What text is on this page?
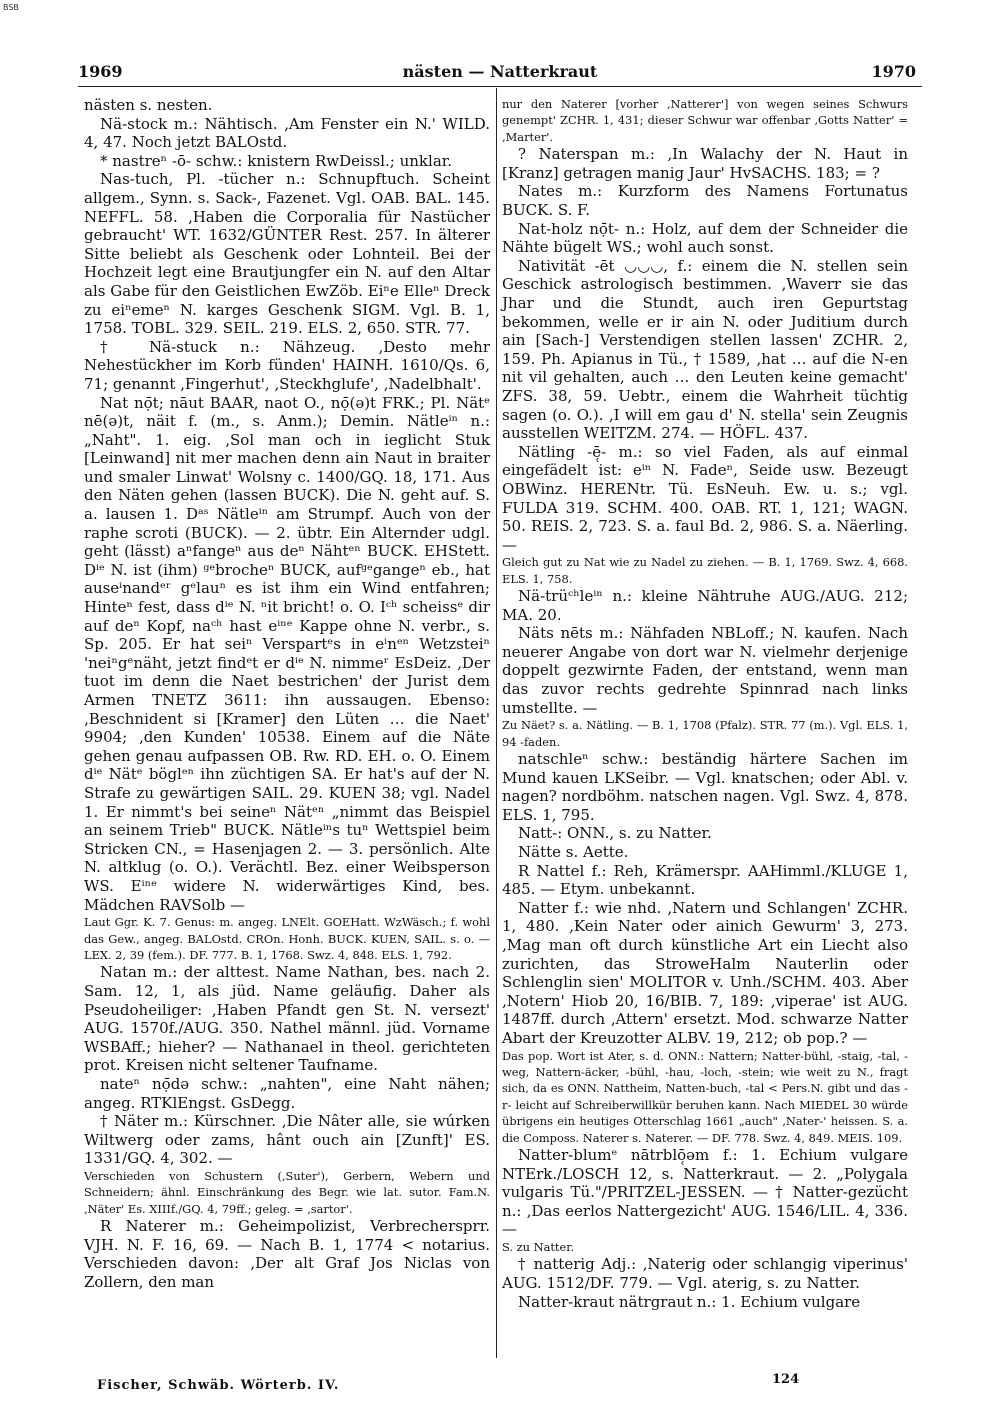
BSB
1969	nästen — Natterkraut	1970

nästen s. nesten.

Nä-stock m.: Nähtisch. ‚Am Fenster ein N.' WILD. 4, 47. Noch jetzt BALOstd.

* nastreⁿ -ō- schw.: knistern RwDeissl.; unklar.

Nas-tuch, Pl. -tücher n.: Schnupftuch. Scheint allgem., Synn. s. Sack-, Fazenet. Vgl. OAB. BAL. 145. NEFFL. 58. ‚Haben die Corporalia für Nastücher gebraucht' WT. 1632/GÜNTER Rest. 257. In älterer Sitte beliebt als Geschenk oder Lohnteil. Bei der Hochzeit legt eine Brautjungfer ein N. auf den Altar als Gabe für den Geistlichen EwZöb. Eiⁿe Elleⁿ Dreck zu eiⁿemeⁿ N. karges Geschenk SIGM. Vgl. B. 1, 1758. TOBL. 329. SEIL. 219. ELS. 2, 650. STR. 77.

† Nä-stuck n.: Nähzeug. ‚Desto mehr Nehestückher im Korb fünden' HAINH. 1610/Qs. 6, 71; genannt ‚Fingerhut', ‚Steckhglufe', ‚Nadelbhalt'.

Nat nọ̄t; nāut BAAR, naot O., nọ̄(ə)t FRK.; Pl. Nätᵉ nē(ə)t, näit f. (m., s. Anm.); Demin. Nätleⁱⁿ n.: „Naht". 1. eig. ‚Sol man och in ieglicht Stuk [Leinwand] nit mer machen denn ain Naut in braiter und smaler Linwat' Wolsny c. 1400/GQ. 18, 171. Aus den Näten gehen (lassen BUCK). Die N. geht auf. S. a. lausen 1. Dᵃˢ Nätleⁱⁿ am Strumpf. Auch von der raphe scroti (BUCK). — 2. übtr. Ein Alternder udgl. geht (lässt) aⁿfangeⁿ aus deⁿ Nähtᵉⁿ BUCK. EHStett. Dⁱᵉ N. ist (ihm) ᵍᵉbrocheⁿ BUCK, aufᵍᵉgangeⁿ eb., hat auseⁱnandᵉʳ gᵉlauⁿ es ist ihm ein Wind entfahren; Hinteⁿ fest, dass dⁱᵉ N. ⁿit bricht! o. O. Iᶜʰ scheissᵉ dir auf deⁿ Kopf, naᶜʰ hast eⁱⁿᵉ Kappe ohne N. verbr., s. Sp. 205. Er hat seiⁿ Verspartᵉs in eⁱnᵉⁿ Wetzsteiⁿ 'neiⁿgᵉnäht, jetzt findᵉt er dⁱᵉ N. nimmeʳ EsDeiz. ‚Der tuot im denn die Naet bestrichen' der Jurist dem Armen TNETZ 3611: ihn aussaugen. Ebenso: ‚Beschnident si [Kramer] den Lüten … die Naet' 9904; ‚den Kunden' 10538. Einem auf die Näte gehen genau aufpassen OB. Rw. RD. EH. o. O. Einem dⁱᵉ Nätᵉ böglᵉⁿ ihn züchtigen SA. Er hat's auf der N. Strafe zu gewärtigen SAIL. 29. KUEN 38; vgl. Nadel 1. Er nimmt's bei seineⁿ Nätᵉⁿ „nimmt das Beispiel an seinem Trieb" BUCK. Nätleⁱⁿs tuⁿ Wettspiel beim Stricken CN., = Hasenjagen 2. — 3. persönlich. Alte N. altklug (o. O.). Verächtl. Bez. einer Weibsperson WS. Eⁱⁿᵉ widere N. widerwärtiges Kind, bes. Mädchen RAVSolb —

Laut Ggr. K. 7. Genus: m. angeg. LNElt. GOEHatt. WzWäsch.; f. wohl das Gew., angeg. BALOstd. CROn. Honh. BUCK. KUEN, SAIL. s. o. — LEX. 2, 39 (fem.). DF. 777. B. 1, 1768. Swz. 4, 848. ELS. 1, 792.

Natan m.: der alttest. Name Nathan, bes. nach 2. Sam. 12, 1, als jüd. Name geläufig. Daher als Pseudoheiliger: ‚Haben Pfandt gen St. N. versezt' AUG. 1570f./AUG. 350. Nathel männl. jüd. Vorname WSBAff.; hieher? — Nathanael in theol. gerichteten prot. Kreisen nicht seltener Taufname.

nateⁿ nọ̄də schw.: „nahten", eine Naht nähen; angeg. RTKlEngst. GsDegg.

† Näter m.: Kürschner. ‚Die Nâter alle, sie wúrken Wiltwerg oder zams, hânt ouch ain [Zunft]' ES. 1331/GQ. 4, 302. —

Verschieden von Schustern (‚Suter'), Gerbern, Webern und Schneidern; ähnl. Einschränkung des Begr. wie lat. sutor. Fam.N. ‚Näter' Es. XIIIf./GQ. 4, 79ff.; geleg. = ‚sartor'.

R Naterer m.: Geheimpolizist, Verbrechersprr. VJH. N. F. 16, 69. — Nach B. 1, 1774 < notarius. Verschieden davon: ‚Der alt Graf Jos Niclas von Zollern, den man

nur den Naterer [vorher ‚Natterer'] von wegen seines Schwurs genempt' ZCHR. 1, 431; dieser Schwur war offenbar ‚Gotts Natter' = ‚Marter'.

? Naterspan m.: ‚In Walachy der N. Haut in [Kranz] getragen manig Jaur' HvSACHS. 183; = ?

Nates m.: Kurzform des Namens Fortunatus BUCK. S. F.

Nat-holz nọ̄t- n.: Holz, auf dem der Schneider die Nähte bügelt WS.; wohl auch sonst.

Nativität -ēt ◡◡◡, f.: einem die N. stellen sein Geschick astrologisch bestimmen. ‚Waverr sie das Jhar und die Stundt, auch iren Gepurtstag bekommen, welle er ir ain N. oder Juditium durch ain [Sach-] Verstendigen stellen lassen' ZCHR. 2, 159. Ph. Apianus in Tü., † 1589, ‚hat … auf die N-en nit vil gehalten, auch … den Leuten keine gemacht' ZFS. 38, 59. Uebtr., einem die Wahrheit tüchtig sagen (o. O.). ‚I will em gau d' N. stella' sein Zeugnis ausstellen WEITZM. 274. — HÖFL. 437.

Nätling -ē̜- m.: so viel Faden, als auf einmal eingefädelt ist: eⁱⁿ N. Fadeⁿ, Seide usw. Bezeugt OBWinz. HERENtr. Tü. EsNeuh. Ew. u. s.; vgl. FULDA 319. SCHM. 400. OAB. RT. 1, 121; WAGN. 50. REIS. 2, 723. S. a. faul Bd. 2, 986. S. a. Näerling. —

Gleich gut zu Nat wie zu Nadel zu ziehen. — B. 1, 1769. Swz. 4, 668. ELS. 1, 758.

Nä-trüᶜʰleⁱⁿ n.: kleine Nähtruhe AUG./AUG. 212; MA. 20.

Näts nēts m.: Nähfaden NBLoff.; N. kaufen. Nach neuerer Angabe von dort war N. vielmehr derjenige doppelt gezwirnte Faden, der entstand, wenn man das zuvor rechts gedrehte Spinnrad nach links umstellte. —

Zu Näet? s. a. Nätling. — B. 1, 1708 (Pfalz). STR. 77 (m.). Vgl. ELS. 1, 94 -faden.

natschleⁿ schw.: beständig härtere Sachen im Mund kauen LKSeibr. — Vgl. knatschen; oder Abl. v. nagen? nordböhm. natschen nagen. Vgl. Swz. 4, 878. ELS. 1, 795.

Natt-: ONN., s. zu Natter.

Nätte s. Aette.

R Nattel f.: Reh, Krämerspr. AAHimml./KLUGE 1, 485. — Etym. unbekannt.

Natter f.: wie nhd. ‚Natern und Schlangen' ZCHR. 1, 480. ‚Kein Nater oder ainich Gewurm' 3, 273. ‚Mag man oft durch künstliche Art ein Liecht also zurichten, das StroweHalm Nauterlin oder Schlenglin sien' MOLITOR v. Unh./SCHM. 403. Aber ‚Notern' Hiob 20, 16/BIB. 7, 189: ‚viperae' ist AUG. 1487ff. durch ‚Attern' ersetzt. Mod. schwarze Natter Abart der Kreuzotter ALBV. 19, 212; ob pop.? —

Das pop. Wort ist Ater, s. d. ONN.: Nattern; Natter-bühl, -staig, -tal, -weg, Nattern-äcker, -bühl, -hau, -loch, -stein; wie weit zu N., fragt sich, da es ONN. Nattheim, Natten-buch, -tal < Pers.N. gibt und das -r- leicht auf Schreiberwillkür beruhen kann. Nach MIEDEL 30 würde übrigens ein heutiges Otterschlag 1661 „auch" ‚Nater-' heissen. S. a. die Composs. Naterer s. Naterer. — DF. 778. Swz. 4, 849. MEIS. 109.

Natter-blumᵉ nātrblō̜əm f.: 1. Echium vulgare NTErk./LOSCH 12, s. Natterkraut. — 2. „Polygala vulgaris Tü."/PRITZEL-JESSEN. — † Natter-gezücht n.: ‚Das eerlos Nattergezicht' AUG. 1546/LIL. 4, 336. —

S. zu Natter.

† natterig Adj.: ‚Naterig oder schlangig viperinus' AUG. 1512/DF. 779. — Vgl. aterig, s. zu Natter.

Natter-kraut nätrgraut n.: 1. Echium vulgare

Fischer, Schwäb. Wörterb. IV.	124
